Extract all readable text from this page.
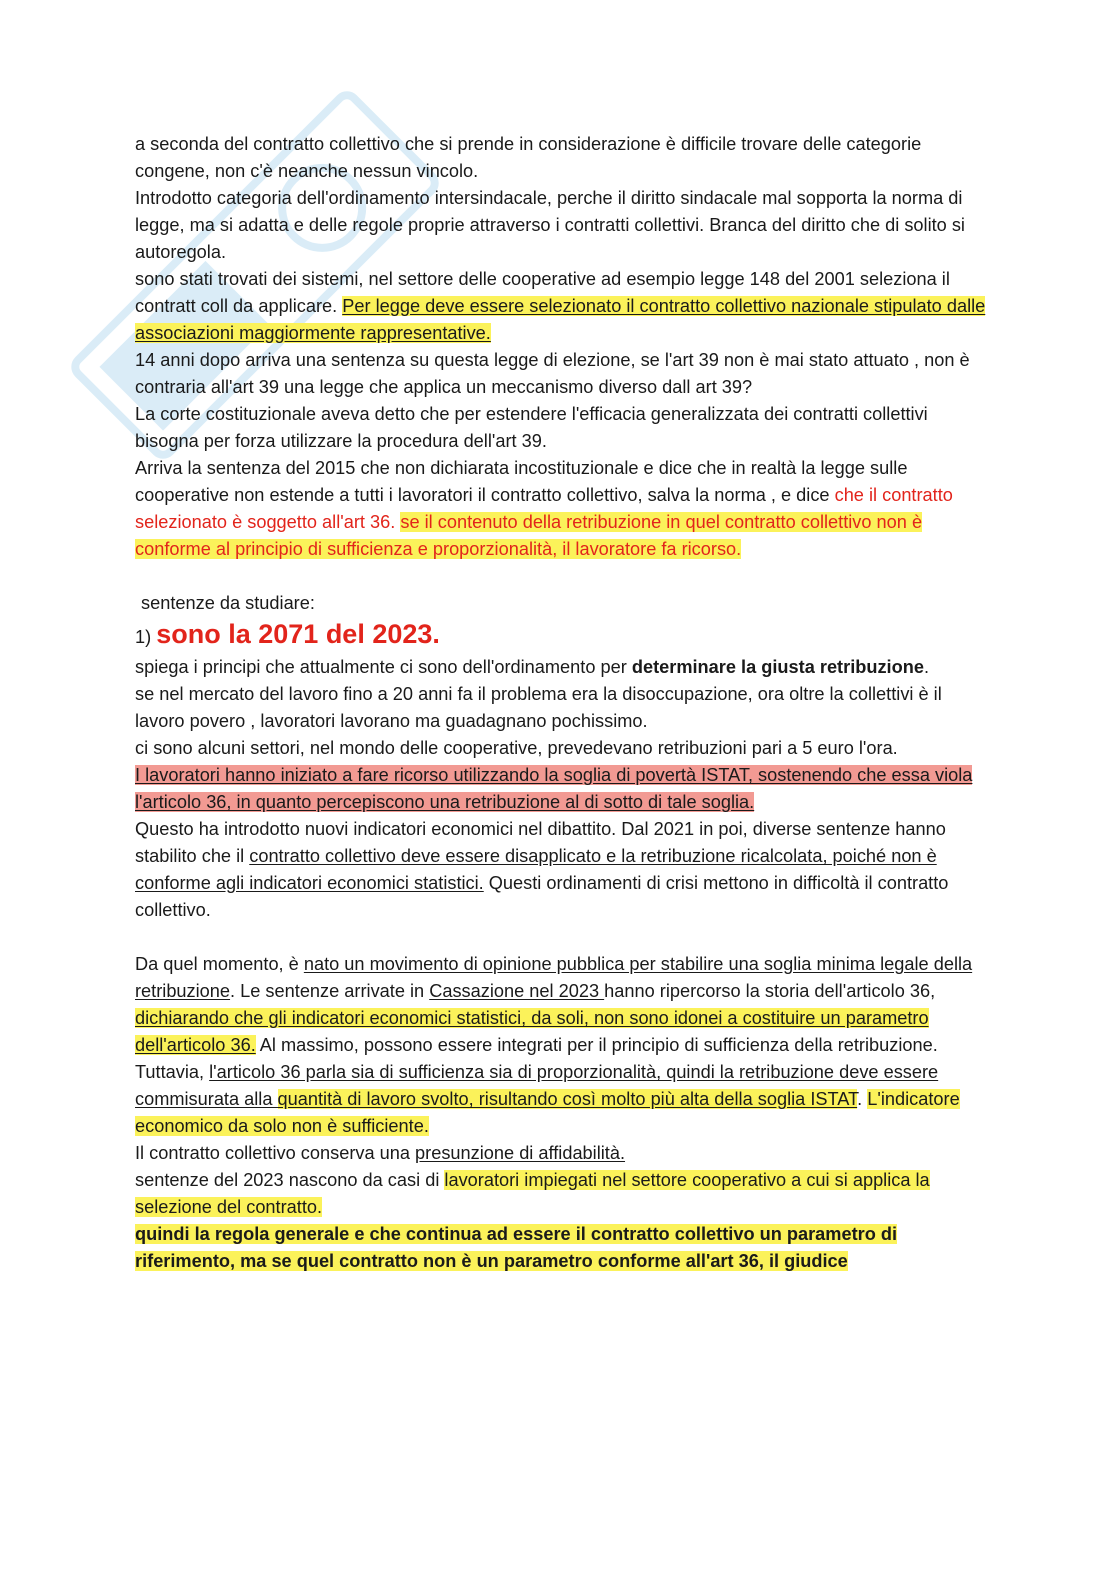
a seconda del contratto collettivo che si prende in considerazione è difficile trovare delle categorie congene, non c'è neanche nessun vincolo.

Introdotto categoria dell'ordinamento intersindacale, perche il diritto sindacale mal sopporta la norma di legge, ma si adatta e delle regole proprie attraverso i contratti collettivi. Branca del diritto che di solito si autoregola.

sono stati trovati dei sistemi, nel settore delle cooperative ad esempio legge 148 del 2001 seleziona il contratt coll da applicare. Per legge deve essere selezionato il contratto collettivo nazionale stipulato dalle associazioni maggiormente rappresentative.

14 anni dopo arriva una sentenza su questa legge di elezione, se l'art 39 non è mai stato attuato , non è contraria all'art 39 una legge che applica un meccanismo diverso dall art 39?

La corte costituzionale aveva detto che per estendere l'efficacia generalizzata dei contratti collettivi bisogna per forza utilizzare la procedura dell'art 39.

Arriva la sentenza del 2015 che non dichiarata incostituzionale e dice che in realtà la legge sulle cooperative non estende a tutti i lavoratori il contratto collettivo, salva la norma , e dice che il contratto selezionato è soggetto all'art 36. se il contenuto della retribuzione in quel contratto collettivo non è conforme al principio di sufficienza e proporzionalità, il lavoratore fa ricorso.

sentenze da studiare:

1) sono la 2071 del 2023.

spiega i principi che attualmente ci sono dell'ordinamento per determinare la giusta retribuzione.

se nel mercato del lavoro fino a 20 anni fa il problema era la disoccupazione, ora oltre la collettivi è il lavoro povero , lavoratori lavorano ma guadagnano pochissimo.

ci sono alcuni settori, nel mondo delle cooperative, prevedevano retribuzioni pari a 5 euro l'ora.

I lavoratori hanno iniziato a fare ricorso utilizzando la soglia di povertà ISTAT, sostenendo che essa viola l'articolo 36, in quanto percepiscono una retribuzione al di sotto di tale soglia.

Questo ha introdotto nuovi indicatori economici nel dibattito. Dal 2021 in poi, diverse sentenze hanno stabilito che il contratto collettivo deve essere disapplicato e la retribuzione ricalcolata, poiché non è conforme agli indicatori economici statistici. Questi ordinamenti di crisi mettono in difficoltà il contratto collettivo.

Da quel momento, è nato un movimento di opinione pubblica per stabilire una soglia minima legale della retribuzione. Le sentenze arrivate in Cassazione nel 2023 hanno ripercorso la storia dell'articolo 36, dichiarando che gli indicatori economici statistici, da soli, non sono idonei a costituire un parametro dell'articolo 36. Al massimo, possono essere integrati per il principio di sufficienza della retribuzione. Tuttavia, l'articolo 36 parla sia di sufficienza sia di proporzionalità, quindi la retribuzione deve essere commisurata alla quantità di lavoro svolto, risultando così molto più alta della soglia ISTAT. L'indicatore economico da solo non è sufficiente.

Il contratto collettivo conserva una presunzione di affidabilità.

sentenze del 2023 nascono da casi di lavoratori impiegati nel settore cooperativo a cui si applica la selezione del contratto.

quindi la regola generale e che continua ad essere il contratto collettivo un parametro di riferimento, ma se quel contratto non è un parametro conforme all'art 36, il giudice
